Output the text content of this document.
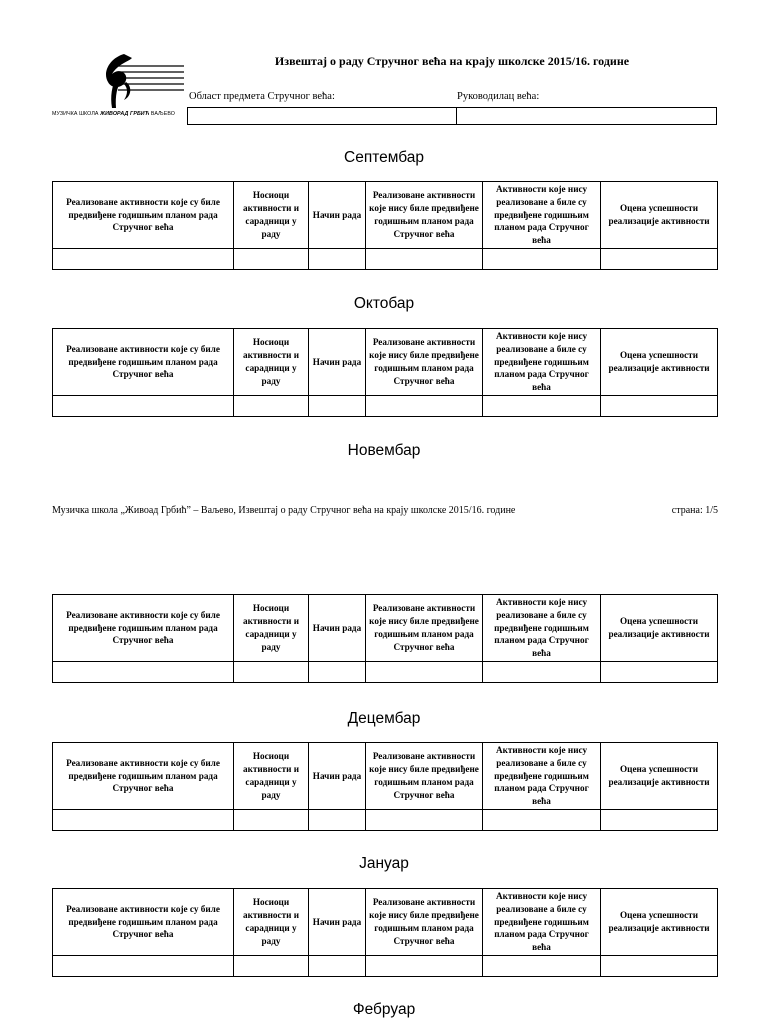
МУЗИЧКА ШКОЛА ЖИВОРАД ГРБИЋ ВАЉЕВО
Извештај о раду Стручног већа на крају школске 2015/16. године
Област предмета Стручног већа:	Руководилац већа:

Септембар
Реализоване активности које су биле предвиђене годишњим планом рада Стручног већа	Носиоци активности и сарадници у раду	Начин рада	Реализоване активности које нису биле предвиђене годишњим планом рада Стручног већа	Активности које нису реализоване а биле су предвиђене годишњим планом рада Стручног већа	Оцена успешности реализације активности

Октобар
Реализоване активности које су биле предвиђене годишњим планом рада Стручног већа	Носиоци активности и сарадници у раду	Начин рада	Реализоване активности које нису биле предвиђене годишњим планом рада Стручног већа	Активности које нису реализоване а биле су предвиђене годишњим планом рада Стручног већа	Оцена успешности реализације активности

Новембар
Музичка школа „Живоад Грбић” – Ваљево, Извештај о раду Стручног већа на крају школске 2015/16. године	страна: 1/5
Реализоване активности које су биле предвиђене годишњим планом рада Стручног већа	Носиоци активности и сарадници у раду	Начин рада	Реализоване активности које нису биле предвиђене годишњим планом рада Стручног већа	Активности које нису реализоване а биле су предвиђене годишњим планом рада Стручног већа	Оцена успешности реализације активности

Децембар
Реализоване активности које су биле предвиђене годишњим планом рада Стручног већа	Носиоци активности и сарадници у раду	Начин рада	Реализоване активности које нису биле предвиђене годишњим планом рада Стручног већа	Активности које нису реализоване а биле су предвиђене годишњим планом рада Стручног већа	Оцена успешности реализације активности

Јануар
Реализоване активности које су биле предвиђене годишњим планом рада Стручног већа	Носиоци активности и сарадници у раду	Начин рада	Реализоване активности које нису биле предвиђене годишњим планом рада Стручног већа	Активности које нису реализоване а биле су предвиђене годишњим планом рада Стручног већа	Оцена успешности реализације активности

Фебруар
